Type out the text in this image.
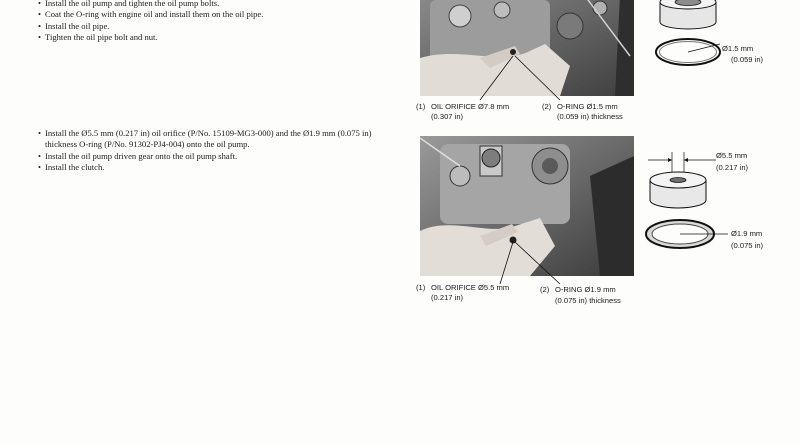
• Install the oil pump and tighten the oil pump bolts.
• Coat the O-ring with engine oil and install them on the oil pipe.
• Install the oil pipe.
• Tighten the oil pipe bolt and nut.
• Install the Ø5.5 mm (0.217 in) oil orifice (P/No. 15109-MG3-000) and the Ø1.9 mm (0.075 in) thickness O-ring (P/No. 91302-PJ4-004) onto the oil pump.
• Install the oil pump driven gear onto the oil pump shaft.
• Install the clutch.
(1) OIL ORIFICE Ø7.8 mm
(0.307 in)
(2) O-RING Ø1.5 mm
(0.059 in) thickness
Ø1.5 mm
(0.059 in)
(1) OIL ORIFICE Ø5.5 mm
(0.217 in)
(2) O-RING Ø1.9 mm
(0.075 in) thickness
Ø5.5 mm
(0.217 in)
Ø1.9 mm
(0.075 in)
